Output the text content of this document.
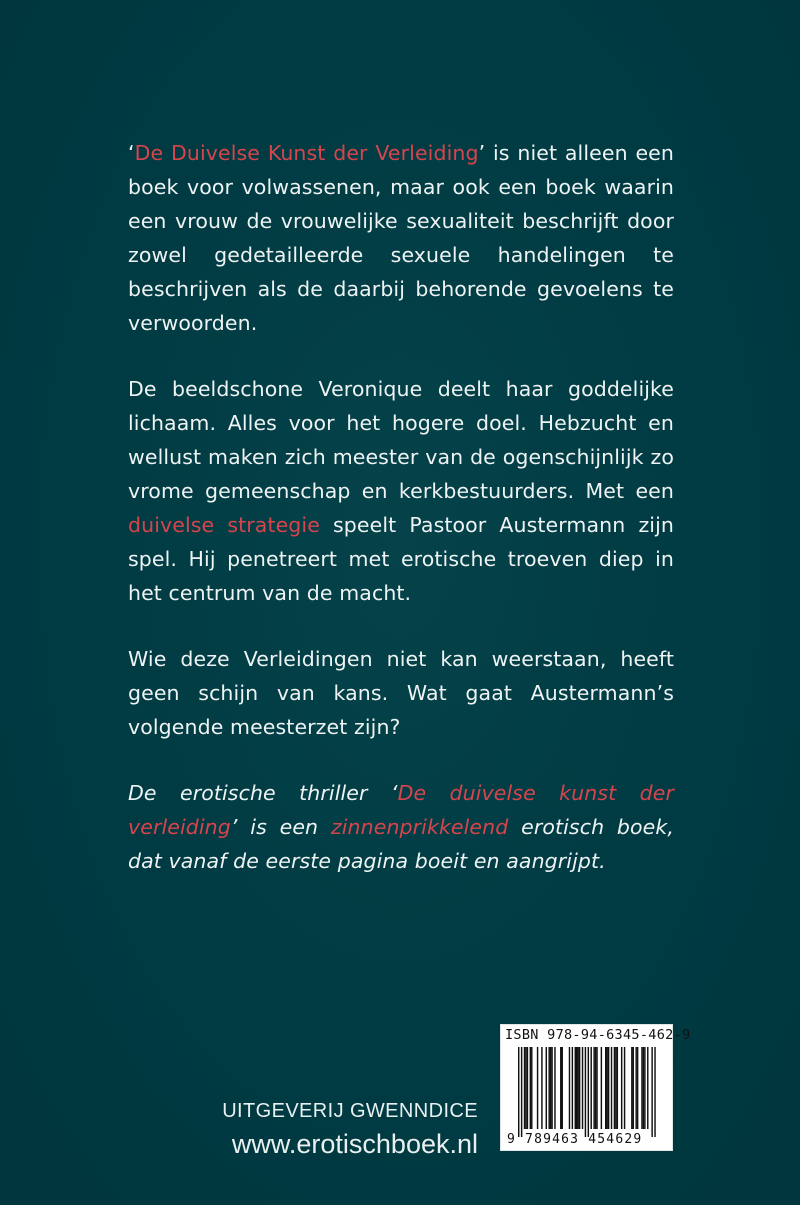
‘De Duivelse Kunst der Verleiding’ is niet alleen een boek voor volwassenen, maar ook een boek waarin een vrouw de vrouwelijke sexualiteit beschrijft door zowel gedetailleerde sexuele handelingen te beschrijven als de daarbij behorende gevoelens te verwoorden.

De beeldschone Veronique deelt haar goddelijke lichaam. Alles voor het hogere doel. Hebzucht en wellust maken zich meester van de ogenschijnlijk zo vrome gemeenschap en kerkbestuurders. Met een duivelse strategie speelt Pastoor Austermann zijn spel. Hij penetreert met erotische troeven diep in het centrum van de macht.

Wie deze Verleidingen niet kan weerstaan, heeft geen schijn van kans. Wat gaat Austermann’s volgende meesterzet zijn?

De erotische thriller ‘De duivelse kunst der verleiding’ is een zinnenprikkelend erotisch boek, dat vanaf de eerste pagina boeit en aangrijpt.

UITGEVERIJ GWENNDICE
www.erotischboek.nl
ISBN 978-94-6345-462-9
9 789463 454629
